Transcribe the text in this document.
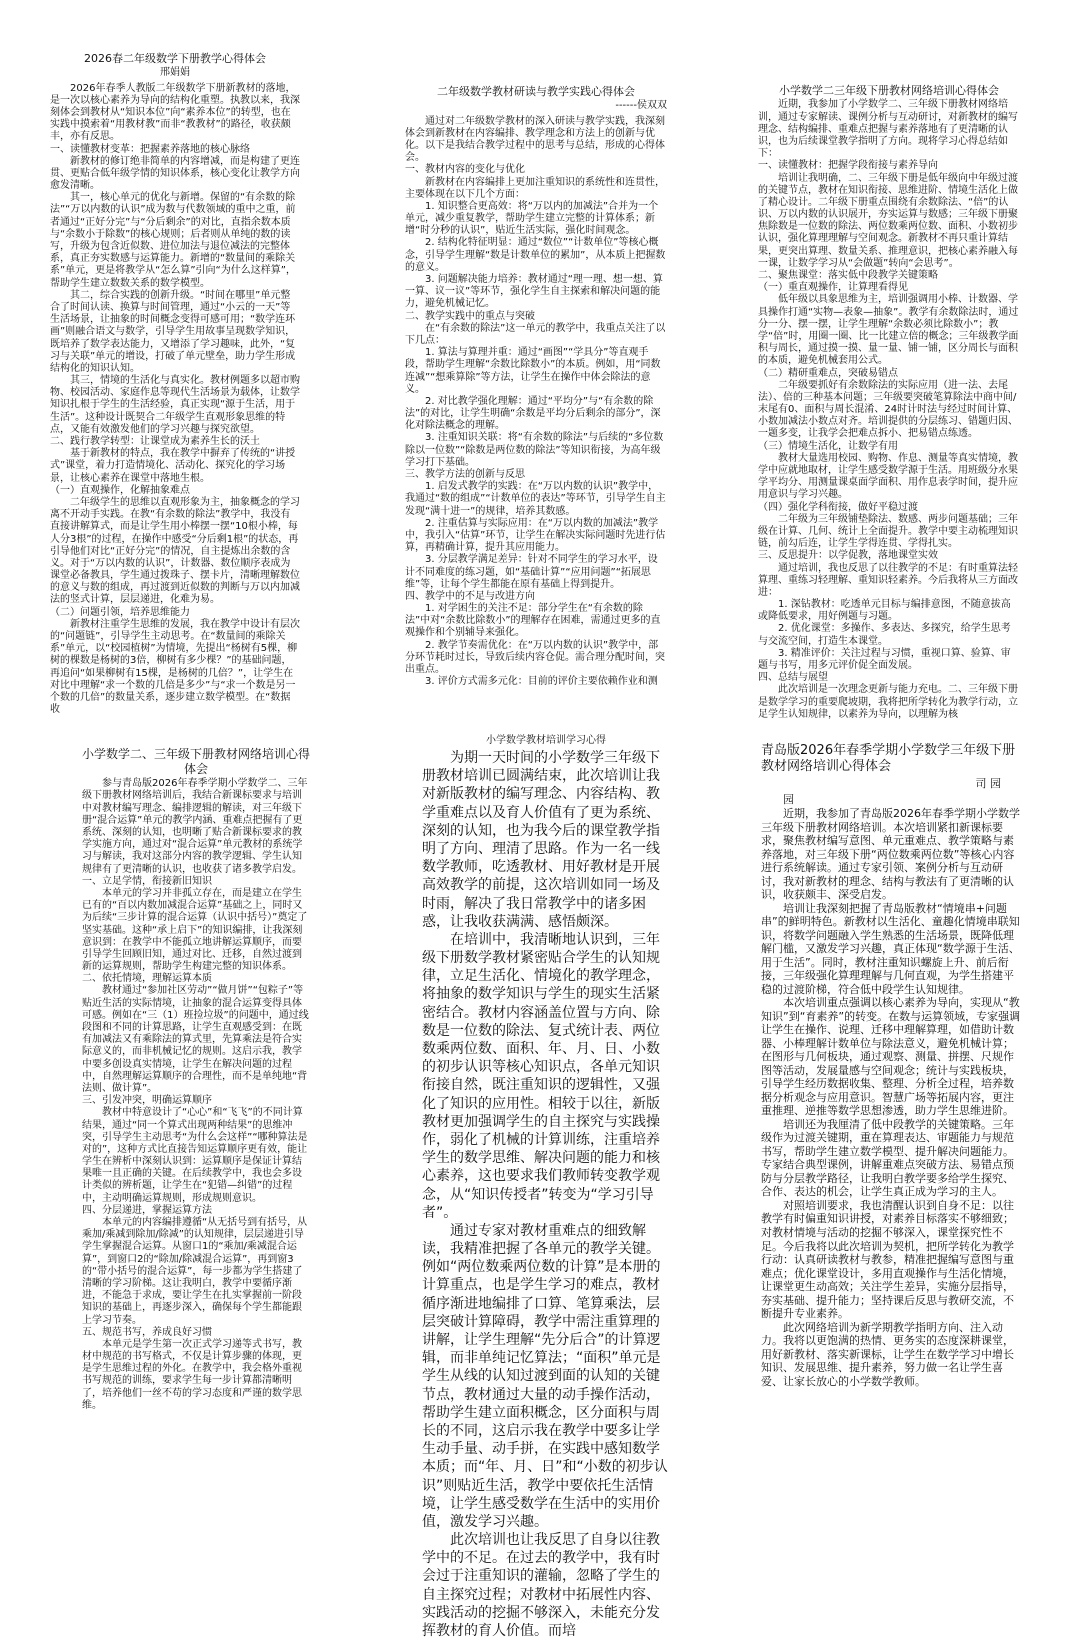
2026春二年级数学下册教学心得体会
邢娟娟

2026年春季人教版二年级数学下册新教材的落地，是一次以核心素养为导向的结构化重塑。执教以来，我深刻体会到教材从“知识本位”向“素养本位”的转型，也在实践中摸索着“用教材教”而非“教教材”的路径，收获颇丰，亦有反思。

一、读懂教材变革：把握素养落地的核心脉络

新教材的修订绝非简单的内容增减，而是构建了更连贯、更贴合低年级学情的知识体系，核心变化让教学方向愈发清晰。

其一，核心单元的优化与新增。保留的“有余数的除法”“万以内数的认识”成为数与代数领域的重中之重，前者通过“正好分完”与“分后剩余”的对比，直指余数本质与“余数小于除数”的核心规则；后者则从单纯的数的读写，升级为包含近似数、进位加法与退位减法的完整体系，真正夯实数感与运算能力。新增的“数量间的乘除关系”单元，更是将教学从“怎么算”引向“为什么这样算”，帮助学生建立数数关系的数学模型。

其二，综合实践的创新升级。“时间在哪里”单元整合了时间认读、换算与时间管理，通过“小云的一天”等生活场景，让抽象的时间概念变得可感可用；“数学连环画”则融合语文与数学，引导学生用故事呈现数学知识，既培养了数学表达能力，又增添了学习趣味，此外，“复习与关联”单元的增设，打破了单元壁垒，助力学生形成结构化的知识认知。

其三，情境的生活化与真实化。教材例题多以超市购物、校园活动、家庭作息等现代生活场景为载体，让数学知识扎根于学生的生活经验，真正实现“源于生活，用于生活”。这种设计既契合二年级学生直观形象思维的特点，又能有效激发他们的学习兴趣与探究欲望。

二、践行教学转型：让课堂成为素养生长的沃土

基于新教材的特点，我在教学中摒弃了传统的“讲授式”课堂，着力打造情境化、活动化、探究化的学习场景，让核心素养在课堂中落地生根。

（一）直观操作，化解抽象难点

二年级学生的思维以直观形象为主，抽象概念的学习离不开动手实践。在教“有余数的除法”教学中，我没有直接讲解算式，而是让学生用小棒摆一摆“10根小棒，每人分3根”的过程，在操作中感受“分后剩1根”的状态，再引导他们对比“正好分完”的情况，自主提炼出余数的含义。对于“万以内数的认识”，计数器、数位顺序表成为课堂必备教具，学生通过拨珠子、摆卡片，清晰理解数位的意义与数的组成，再过渡到近似数的判断与万以内加减法的竖式计算，层层递进，化难为易。

（二）问题引领，培养思维能力

新教材注重学生思维的发展，我在教学中设计有层次的“问题链”，引导学生主动思考。在“数量间的乘除关系”单元，以“校园植树”为情境，先提出“杨树有5棵，柳树的棵数是杨树的3倍，柳树有多少棵？”的基础问题，再追问“如果柳树有15棵，是杨树的几倍？”，让学生在对比中理解“求一个数的几倍是多少”与“求一个数是另一个数的几倍”的数量关系，逐步建立数学模型。在“数据收

二年级数学教材研读与教学实践心得体会
------侯双双

通过对二年级数学教材的深入研读与教学实践，我深刻体会到新教材在内容编排、教学理念和方法上的创新与优化。以下是我结合教学过程中的思考与总结，形成的心得体会。

一、教材内容的变化与优化

新教材在内容编排上更加注重知识的系统性和连贯性，主要体现在以下几个方面：

1. 知识整合更高效：将“万以内的加减法”合并为一个单元，减少重复教学，帮助学生建立完整的计算体系；新增“时分秒的认识”，贴近生活实际，强化时间观念。

2. 结构化特征明显：通过“数位”“计数单位”等核心概念，引导学生理解“数是计数单位的累加”，从本质上把握数的意义。

3. 问题解决能力培养：教材通过“理一理、想一想、算一算、议一议”等环节，强化学生自主探索和解决问题的能力，避免机械记忆。

二、教学实践中的重点与突破

在“有余数的除法”这一单元的教学中，我重点关注了以下几点：

1. 算法与算理并重：通过“画图”“学具分”等直观手段，帮助学生理解“余数比除数小”的本质。例如，用“同数连减”“想乘算除”等方法，让学生在操作中体会除法的意义。

2. 对比教学强化理解：通过“平均分”与“有余数的除法”的对比，让学生明确“余数是平均分后剩余的部分”，深化对除法概念的理解。

3. 注重知识关联：将“有余数的除法”与后续的“多位数除以一位数”“除数是两位数的除法”等知识衔接，为高年级学习打下基础。

三、教学方法的创新与反思

1. 启发式教学的实践：在“万以内数的认识”教学中，我通过“数的组成”“计数单位的表达”等环节，引导学生自主发现“满十进一”的规律，培养其数感。

2. 注重估算与实际应用：在“万以内数的加减法”教学中，我引入“估算”环节，让学生在解决实际问题时先进行估算，再精确计算，提升其应用能力。

3. 分层教学满足差异：针对不同学生的学习水平，设计不同难度的练习题，如“基础计算”“应用问题”“拓展思维”等，让每个学生都能在原有基础上得到提升。

四、教学中的不足与改进方向

1. 对学困生的关注不足：部分学生在“有余数的除法”中对“余数比除数小”的理解存在困难，需通过更多的直观操作和个别辅导来强化。

2. 教学节奏需优化：在“万以内数的认识”教学中，部分环节耗时过长，导致后续内容仓促。需合理分配时间，突出重点。

3. 评价方式需多元化：目前的评价主要依赖作业和测

小学数学二三年级下册教材网络培训心得体会

近期，我参加了小学数学二、三年级下册教材网络培训，通过专家解读、课例分析与互动研讨，对新教材的编写理念、结构编排、重难点把握与素养落地有了更清晰的认识，也为后续课堂教学指明了方向。现将学习心得总结如下：

一、读懂教材：把握学段衔接与素养导向

培训让我明确，二、三年级下册是低年级向中年级过渡的关键节点，教材在知识衔接、思维进阶、情境生活化上做了精心设计。二年级下册重点围绕有余数除法、“倍”的认识、万以内数的认识展开，夯实运算与数感；三年级下册聚焦除数是一位数的除法、两位数乘两位数、面积、小数初步认识，强化算理理解与空间观念。新教材不再只重计算结果，更突出算理、数量关系、推理意识，把核心素养融入每一课，让数学学习从“会做题”转向“会思考”。

二、聚焦课堂：落实低中段教学关键策略

（一）重直观操作，让算理看得见

低年级以具象思维为主，培训强调用小棒、计数器、学具操作打通“实物—表象—抽象”。教学有余数除法时，通过分一分、摆一摆，让学生理解“余数必须比除数小”；教学“倍”时，用圈一圈、比一比建立倍的概念；三年级教学面积与周长，通过摸一摸、量一量、铺一铺，区分周长与面积的本质，避免机械套用公式。

（二）精研重难点，突破易错点

二年级要抓好有余数除法的实际应用（进一法、去尾法）、倍的三种基本问题；三年级要突破笔算除法中商中间/末尾有0、面积与周长混淆、24时计时法与经过时间计算、小数加减法小数点对齐。培训提供的分层练习、错题归因、一题多变，让我学会把难点拆小、把易错点练透。

（三）情境生活化，让数学有用

教材大量选用校园、购物、作息、测量等真实情境，教学中应就地取材，让学生感受数学源于生活。用班级分水果学平均分、用测量课桌面学面积、用作息表学时间，提升应用意识与学习兴趣。

（四）强化学科衔接，做好平稳过渡

二年级为三年级铺垫除法、数感、两步问题基础；三年级在计算、几何、统计上全面提升。教学中要主动梳理知识链，前勾后连，让学生学得连贯、学得扎实。

三、反思提升：以学促教，落地课堂实效

通过培训，我也反思了以往教学的不足：有时重算法轻算理、重练习轻理解、重知识轻素养。今后我将从三方面改进：

1. 深钻教材：吃透单元目标与编排意图，不随意拔高或降低要求，用好例题与习题。

2. 优化课堂：多操作、多表达、多探究，给学生思考与交流空间，打造生本课堂。

3. 精准评价：关注过程与习惯，重视口算、验算、审题与书写，用多元评价促全面发展。

四、总结与展望

此次培训是一次理念更新与能力充电。二、三年级下册是数学学习的重要爬坡期，我将把所学转化为教学行动，立足学生认知规律，以素养为导向，以理解为核

小学数学二、三年级下册教材网络培训心得体会

参与青岛版2026年春季学期小学数学二、三年级下册教材网络培训后，我结合新课标要求与培训中对教材编写理念、编排逻辑的解读，对三年级下册“混合运算”单元的教学内涵、重难点把握有了更系统、深刻的认知，也明晰了贴合新课标要求的教学实施方向，通过对“混合运算”单元教材的系统学习与解读，我对这部分内容的教学逻辑、学生认知规律有了更清晰的认识，也收获了诸多教学启发。

一、立足学情，衔接新旧知识

本单元的学习并非孤立存在，而是建立在学生已有的“百以内数加减混合运算”基础之上，同时又为后续“三步计算的混合运算（认识中括号）”奠定了坚实基础。这种“承上启下”的知识编排，让我深刻意识到：在教学中不能孤立地讲解运算顺序，而要引导学生回顾旧知，通过对比、迁移，自然过渡到新的运算规则，帮助学生构建完整的知识体系。

二、依托情境，理解运算本质

教材通过“参加社区劳动”“做月饼”“包粽子”等贴近生活的实际情境，让抽象的混合运算变得具体可感。例如在“三（1）班捡垃圾”的问题中，通过线段图和不同的计算思路，让学生直观感受到：在既有加减法又有乘除法的算式里，先算乘法是符合实际意义的，而非机械记忆的规则。这启示我，教学中要多创设真实情境，让学生在解决问题的过程中，自然理解运算顺序的合理性，而不是单纯地“背法则、做计算”。

三、引发冲突，明确运算顺序

教材中特意设计了“心心”和“飞飞”的不同计算结果，通过“同一个算式出现两种结果”的思维冲突，引导学生主动思考“为什么会这样”“哪种算法是对的”，这种方式比直接告知运算顺序更有效，能让学生在辨析中深刻认识到：运算顺序是保证计算结果唯一且正确的关键。在后续教学中，我也会多设计类似的辨析题，让学生在“犯错—纠错”的过程中，主动明确运算规则，形成规则意识。

四、分层递进，掌握运算方法

本单元的内容编排遵循“从无括号到有括号，从乘加/乘减到除加/除减”的认知规律，层层递进引导学生掌握混合运算。从窗口1的“乘加/乘减混合运算”，到窗口2的“除加/除减混合运算”，再到窗3的“带小括号的混合运算”，每一步都为学生搭建了清晰的学习阶梯。这让我明白，教学中要循序渐进，不能急于求成，要让学生在扎实掌握前一阶段知识的基础上，再逐步深入，确保每个学生都能跟上学习节奏。

五、规范书写，养成良好习惯

本单元是学生第一次正式学习递等式书写，教材中规范的书写格式，不仅是计算步骤的体现，更是学生思维过程的外化。在教学中，我会格外重视书写规范的训练，要求学生每一步计算都清晰明了，培养他们一丝不苟的学习态度和严谨的数学思维。

小学数学教材培训学习心得

为期一天时间的小学数学三年级下册教材培训已圆满结束，此次培训让我对新版教材的编写理念、内容结构、教学重难点以及育人价值有了更为系统、深刻的认知，也为我今后的课堂教学指明了方向、理清了思路。作为一名一线数学教师，吃透教材、用好教材是开展高效教学的前提，这次培训如同一场及时雨，解决了我日常教学中的诸多困惑，让我收获满满、感悟颇深。

在培训中，我清晰地认识到，三年级下册数学教材紧密贴合学生的认知规律，立足生活化、情境化的教学理念，将抽象的数学知识与学生的现实生活紧密结合。教材内容涵盖位置与方向、除数是一位数的除法、复式统计表、两位数乘两位数、面积、年、月、日、小数的初步认识等核心知识点，各单元知识衔接自然，既注重知识的逻辑性，又强化了知识的应用性。相较于以往，新版教材更加强调学生的自主探究与实践操作，弱化了机械的计算训练，注重培养学生的数学思维、解决问题的能力和核心素养，这也要求我们教师转变教学观念，从“知识传授者”转变为“学习引导者”。

通过专家对教材重难点的细致解读，我精准把握了各单元的教学关键。例如“两位数乘两位数的计算”是本册的计算重点，也是学生学习的难点，教材循序渐进地编排了口算、笔算乘法，层层突破计算障碍，教学中需注重算理的讲解，让学生理解“先分后合”的计算逻辑，而非单纯记忆算法；“面积”单元是学生从线的认知过渡到面的认知的关键节点，教材通过大量的动手操作活动，帮助学生建立面积概念，区分面积与周长的不同，这启示我在教学中要多让学生动手量、动手拼，在实践中感知数学本质；而“年、月、日”和“小数的初步认识”则贴近生活，教学中要依托生活情境，让学生感受数学在生活中的实用价值，激发学习兴趣。

此次培训也让我反思了自身以往教学中的不足。在过去的教学中，我有时会过于注重知识的灌输，忽略了学生的自主探究过程；对教材中拓展性内容、实践活动的挖掘不够深入，未能充分发挥教材的育人价值。而培

青岛版2026年春季学期小学数学三年级下册教材网络培训心得体会
司 园

园

近期，我参加了青岛版2026年春季学期小学数学三年级下册教材网络培训。本次培训紧扣新课标要求，聚焦教材编写意图、单元重难点、教学策略与素养落地，对三年级下册“两位数乘两位数”等核心内容进行系统解读。通过专家引领、案例分析与互动研讨，我对新教材的理念、结构与教法有了更清晰的认识，收获颇丰、深受启发。

培训让我深刻把握了青岛版教材“情境串+问题串”的鲜明特色。新教材以生活化、童趣化情境串联知识，将数学问题融入学生熟悉的生活场景，既降低理解门槛，又激发学习兴趣，真正体现“数学源于生活、用于生活”。同时，教材注重知识螺旋上升、前后衔接，三年级强化算理理解与几何直观，为学生搭建平稳的过渡阶梯，符合低中段学生认知规律。

本次培训重点强调以核心素养为导向，实现从“教知识”到“育素养”的转变。在数与运算领域，专家强调让学生在操作、说理、迁移中理解算理，如借助计数器、小棒理解计数单位与除法意义，避免机械计算；在图形与几何板块，通过观察、测量、拼摆、尺规作图等活动，发展量感与空间观念；统计与实践板块，引导学生经历数据收集、整理、分析全过程，培养数据分析观念与应用意识。智慧广场等拓展内容，更注重推理、逆推等数学思想渗透，助力学生思维进阶。

培训还为我厘清了低中段教学的关键策略。三年级作为过渡关键期，重在算理表达、审题能力与规范书写，帮助学生建立数学模型、提升解决问题能力。专家结合典型课例，讲解重难点突破方法、易错点预防与分层教学路径，让我明白教学要多给学生探究、合作、表达的机会，让学生真正成为学习的主人。

对照培训要求，我也清醒认识到自身不足：以往教学有时偏重知识讲授，对素养目标落实不够细致；对教材情境与活动的挖掘不够深入，课堂探究性不足。今后我将以此次培训为契机，把所学转化为教学行动：认真研读教材与教参，精准把握编写意图与重难点；优化课堂设计，多用直观操作与生活化情境，让课堂更生动高效；关注学生差异，实施分层指导，夯实基础、提升能力；坚持课后反思与教研交流，不断提升专业素养。

此次网络培训为新学期教学指明方向、注入动力。我将以更饱满的热情、更务实的态度深耕课堂，用好新教材、落实新课标，让学生在数学学习中增长知识、发展思维、提升素养，努力做一名让学生喜爱、让家长放心的小学数学教师。
